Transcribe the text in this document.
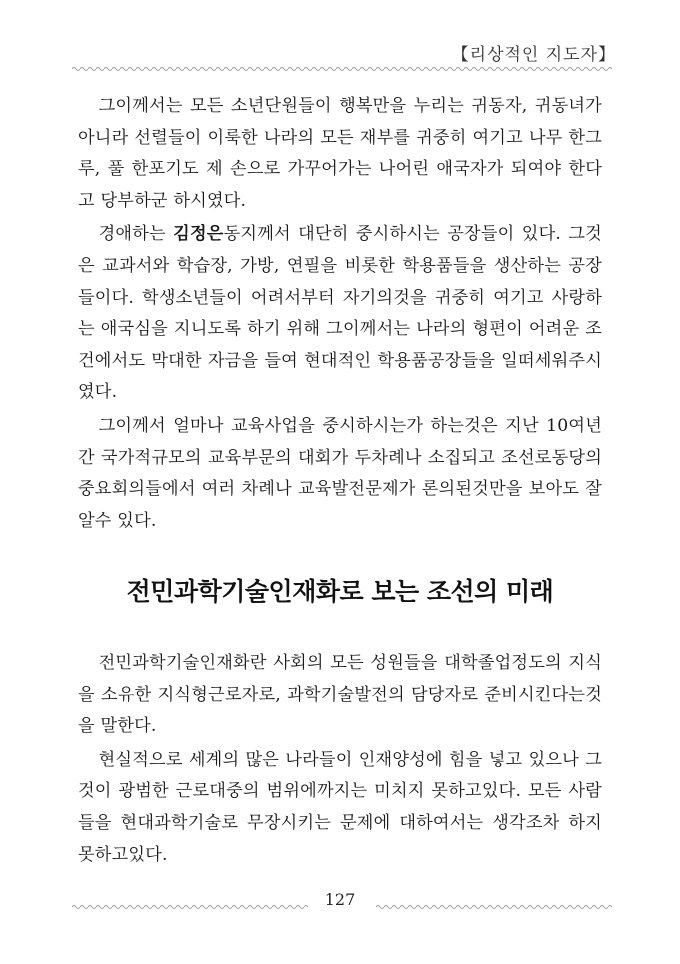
【리상적인 지도자】

그이께서는 모든 소년단원들이 행복만을 누리는 귀동자, 귀동녀가 아니라 선렬들이 이룩한 나라의 모든 재부를 귀중히 여기고 나무 한그루, 풀 한포기도 제 손으로 가꾸어가는 나어린 애국자가 되여야 한다고 당부하군 하시였다.

경애하는 김정은동지께서 대단히 중시하시는 공장들이 있다. 그것은 교과서와 학습장, 가방, 연필을 비롯한 학용품들을 생산하는 공장들이다. 학생소년들이 어려서부터 자기의것을 귀중히 여기고 사랑하는 애국심을 지니도록 하기 위해 그이께서는 나라의 형편이 어려운 조건에서도 막대한 자금을 들여 현대적인 학용품공장들을 일떠세워주시였다.

그이께서 얼마나 교육사업을 중시하시는가 하는것은 지난 10여년간 국가적규모의 교육부문의 대회가 두차례나 소집되고 조선로동당의 중요회의들에서 여러 차례나 교육발전문제가 론의된것만을 보아도 잘 알수 있다.

전민과학기술인재화로 보는 조선의 미래

전민과학기술인재화란 사회의 모든 성원들을 대학졸업정도의 지식을 소유한 지식형근로자로, 과학기술발전의 담당자로 준비시킨다는것을 말한다.

현실적으로 세계의 많은 나라들이 인재양성에 힘을 넣고 있으나 그것이 광범한 근로대중의 범위에까지는 미치지 못하고있다. 모든 사람들을 현대과학기술로 무장시키는 문제에 대하여서는 생각조차 하지 못하고있다.

127
